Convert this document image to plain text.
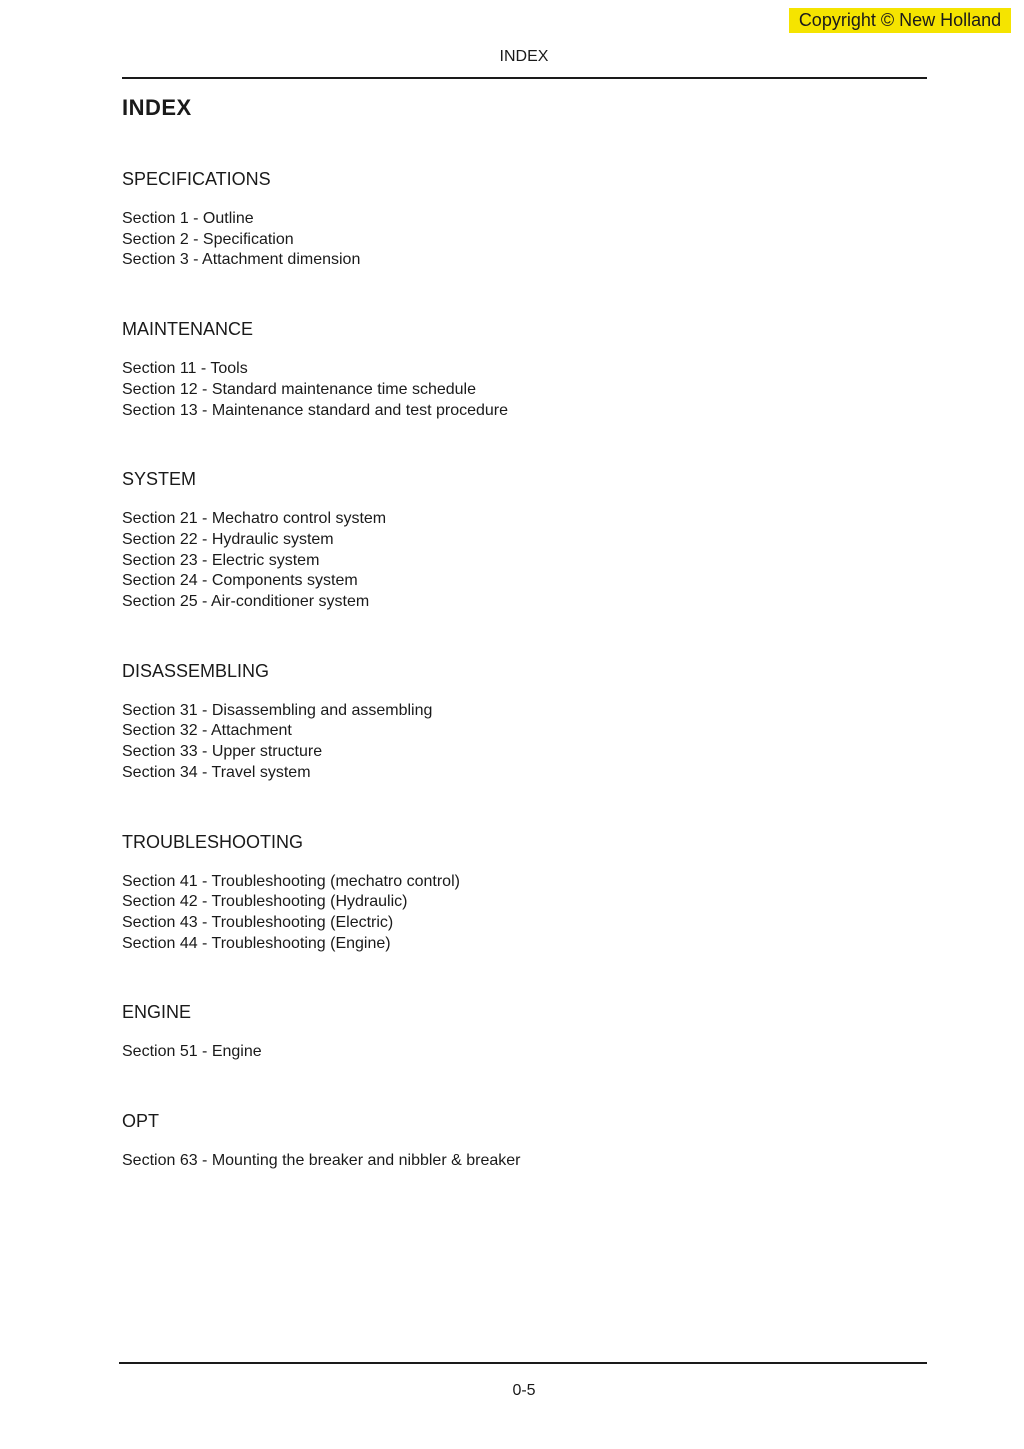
Copyright © New Holland
INDEX
INDEX
SPECIFICATIONS
Section 1 - Outline
Section 2 - Specification
Section 3 - Attachment dimension
MAINTENANCE
Section 11 - Tools
Section 12 - Standard maintenance time schedule
Section 13 - Maintenance standard and test procedure
SYSTEM
Section 21 - Mechatro control system
Section 22 - Hydraulic system
Section 23 - Electric system
Section 24 - Components system
Section 25 - Air-conditioner system
DISASSEMBLING
Section 31 - Disassembling and assembling
Section 32 - Attachment
Section 33 - Upper structure
Section 34 - Travel system
TROUBLESHOOTING
Section 41 - Troubleshooting (mechatro control)
Section 42 - Troubleshooting (Hydraulic)
Section 43 - Troubleshooting (Electric)
Section 44 - Troubleshooting (Engine)
ENGINE
Section 51 - Engine
OPT
Section 63 - Mounting the breaker and nibbler & breaker
0-5
